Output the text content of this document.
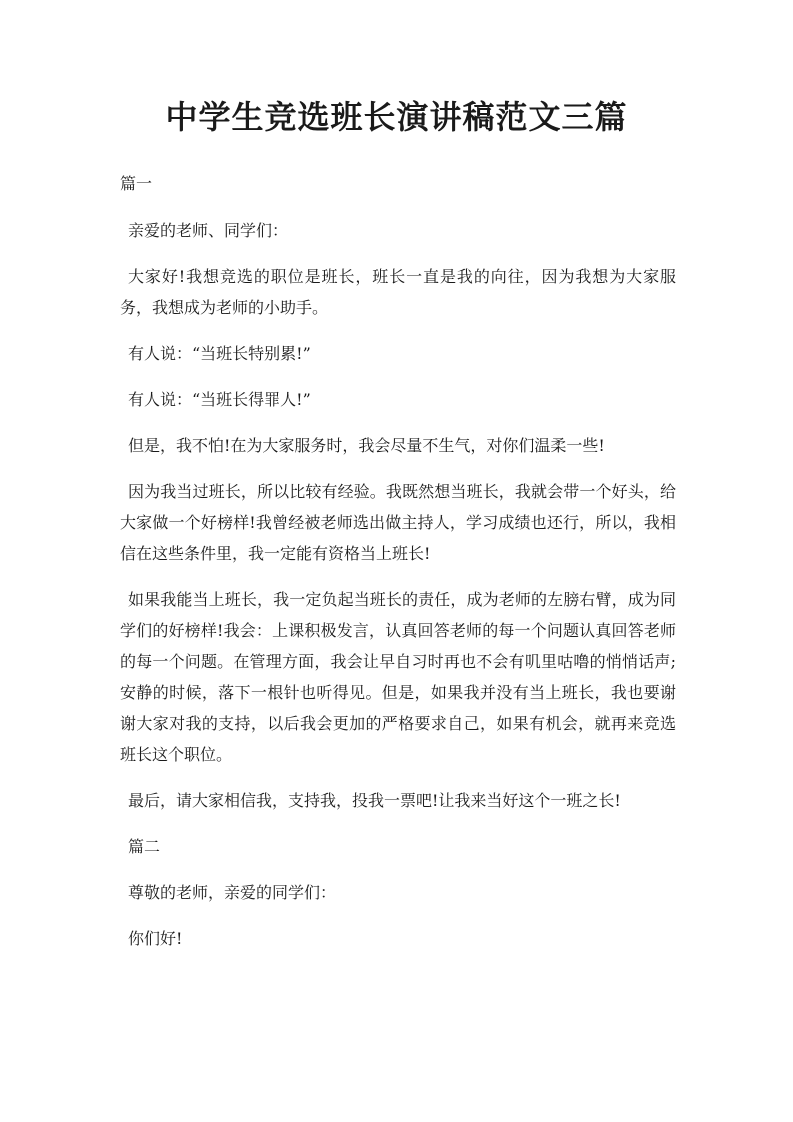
中学生竞选班长演讲稿范文三篇

篇一

亲爱的老师、同学们：

大家好!我想竞选的职位是班长，班长一直是我的向往，因为我想为大家服务，我想成为老师的小助手。

有人说：“当班长特别累!”

有人说：“当班长得罪人!”

但是，我不怕!在为大家服务时，我会尽量不生气，对你们温柔一些!

因为我当过班长，所以比较有经验。我既然想当班长，我就会带一个好头，给大家做一个好榜样!我曾经被老师选出做主持人，学习成绩也还行，所以，我相信在这些条件里，我一定能有资格当上班长!

如果我能当上班长，我一定负起当班长的责任，成为老师的左膀右臂，成为同学们的好榜样!我会：上课积极发言，认真回答老师的每一个问题认真回答老师的每一个问题。在管理方面，我会让早自习时再也不会有叽里咕噜的悄悄话声;安静的时候，落下一根针也听得见。但是，如果我并没有当上班长，我也要谢谢大家对我的支持，以后我会更加的严格要求自己，如果有机会，就再来竞选班长这个职位。

最后，请大家相信我，支持我，投我一票吧!让我来当好这个一班之长!

篇二

尊敬的老师，亲爱的同学们：

你们好!
